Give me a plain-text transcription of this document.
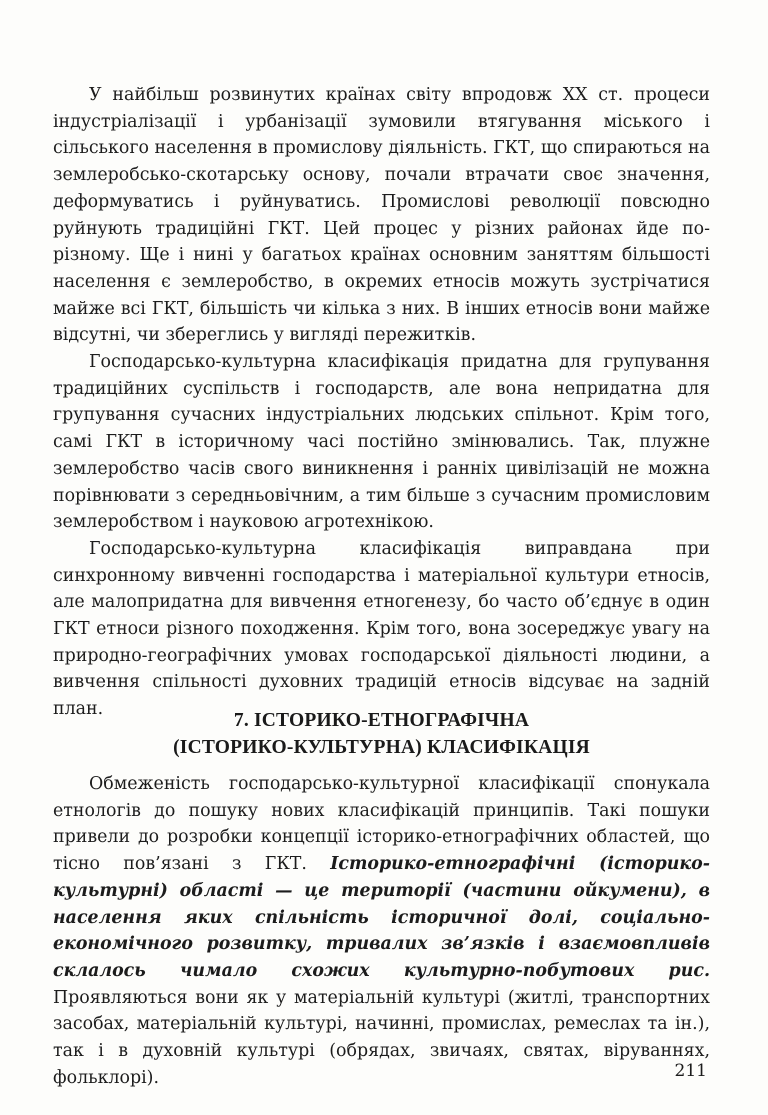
У найбільш розвинутих країнах світу впродовж XX ст. процеси індустріалізації і урбанізації зумовили втягування міського і сільського населення в промислову діяльність. ГКТ, що спираються на землеробсько-скотарську основу, почали втрачати своє значення, деформуватись і руйнуватись. Промислові революції повсюдно руйнують традиційні ГКТ. Цей процес у різних районах йде по-різному. Ще і нині у багатьох країнах основним заняттям більшості населення є землеробство, в окремих етносів можуть зустрічатися майже всі ГКТ, більшість чи кілька з них. В інших етносів вони майже відсутні, чи збереглись у вигляді пережитків.

Господарсько-культурна класифікація придатна для групування традиційних суспільств і господарств, але вона непридатна для групування сучасних індустріальних людських спільнот. Крім того, самі ГКТ в історичному часі постійно змінювались. Так, плужне землеробство часів свого виникнення і ранніх цивілізацій не можна порівнювати з середньовічним, а тим більше з сучасним промисловим землеробством і науковою агротехнікою.

Господарсько-культурна класифікація виправдана при синхронному вивченні господарства і матеріальної культури етносів, але малопридатна для вивчення етногенезу, бо часто об’єднує в один ГКТ етноси різного походження. Крім того, вона зосереджує увагу на природно-географічних умовах господарської діяльності людини, а вивчення спільності духовних традицій етносів відсуває на задній план.

7. ІСТОРИКО-ЕТНОГРАФІЧНА
(ІСТОРИКО-КУЛЬТУРНА) КЛАСИФІКАЦІЯ

Обмеженість господарсько-культурної класифікації спонукала етнологів до пошуку нових класифікацій принципів. Такі пошуки привели до розробки концепції історико-етнографічних областей, що тісно пов’язані з ГКТ. Історико-етнографічні (історико-культурні) області — це території (частини ойкумени), в населення яких спільність історичної долі, соціально-економічного розвитку, тривалих зв’язків і взаємовпливів склалось чимало схожих культурно-побутових рис. Проявляються вони як у матеріальній культурі (житлі, транспортних засобах, матеріальній культурі, начинні, промислах, ремеслах та ін.), так і в духовній культурі (обрядах, звичаях, святах, віруваннях, фольклорі).	211
